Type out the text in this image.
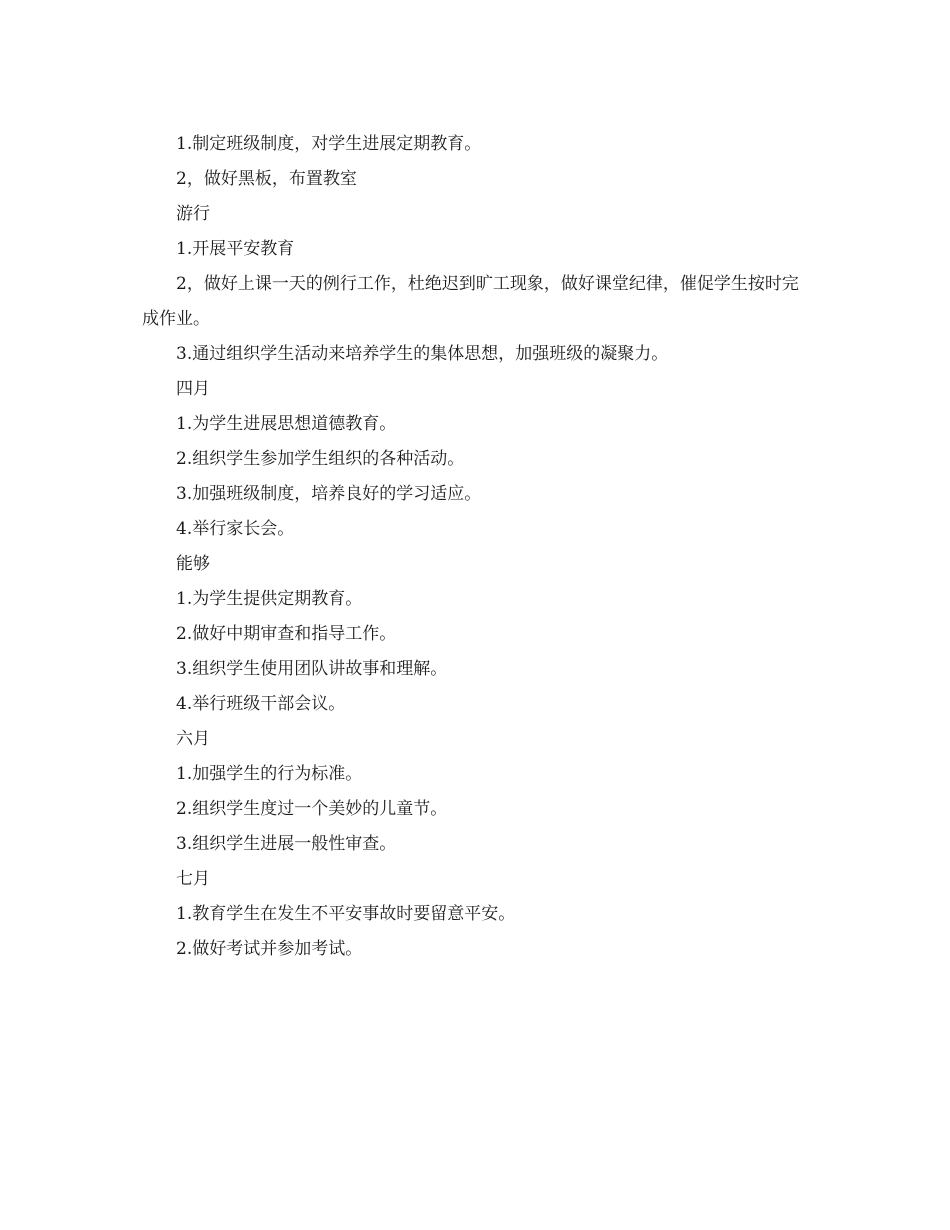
1.制定班级制度，对学生进展定期教育。

2，做好黑板，布置教室

游行

1.开展平安教育

2，做好上课一天的例行工作，杜绝迟到旷工现象，做好课堂纪律，催促学生按时完成作业。

3.通过组织学生活动来培养学生的集体思想，加强班级的凝聚力。

四月

1.为学生进展思想道德教育。

2.组织学生参加学生组织的各种活动。

3.加强班级制度，培养良好的学习适应。

4.举行家长会。

能够

1.为学生提供定期教育。

2.做好中期审查和指导工作。

3.组织学生使用团队讲故事和理解。

4.举行班级干部会议。

六月

1.加强学生的行为标准。

2.组织学生度过一个美妙的儿童节。

3.组织学生进展一般性审查。

七月

1.教育学生在发生不平安事故时要留意平安。

2.做好考试并参加考试。
